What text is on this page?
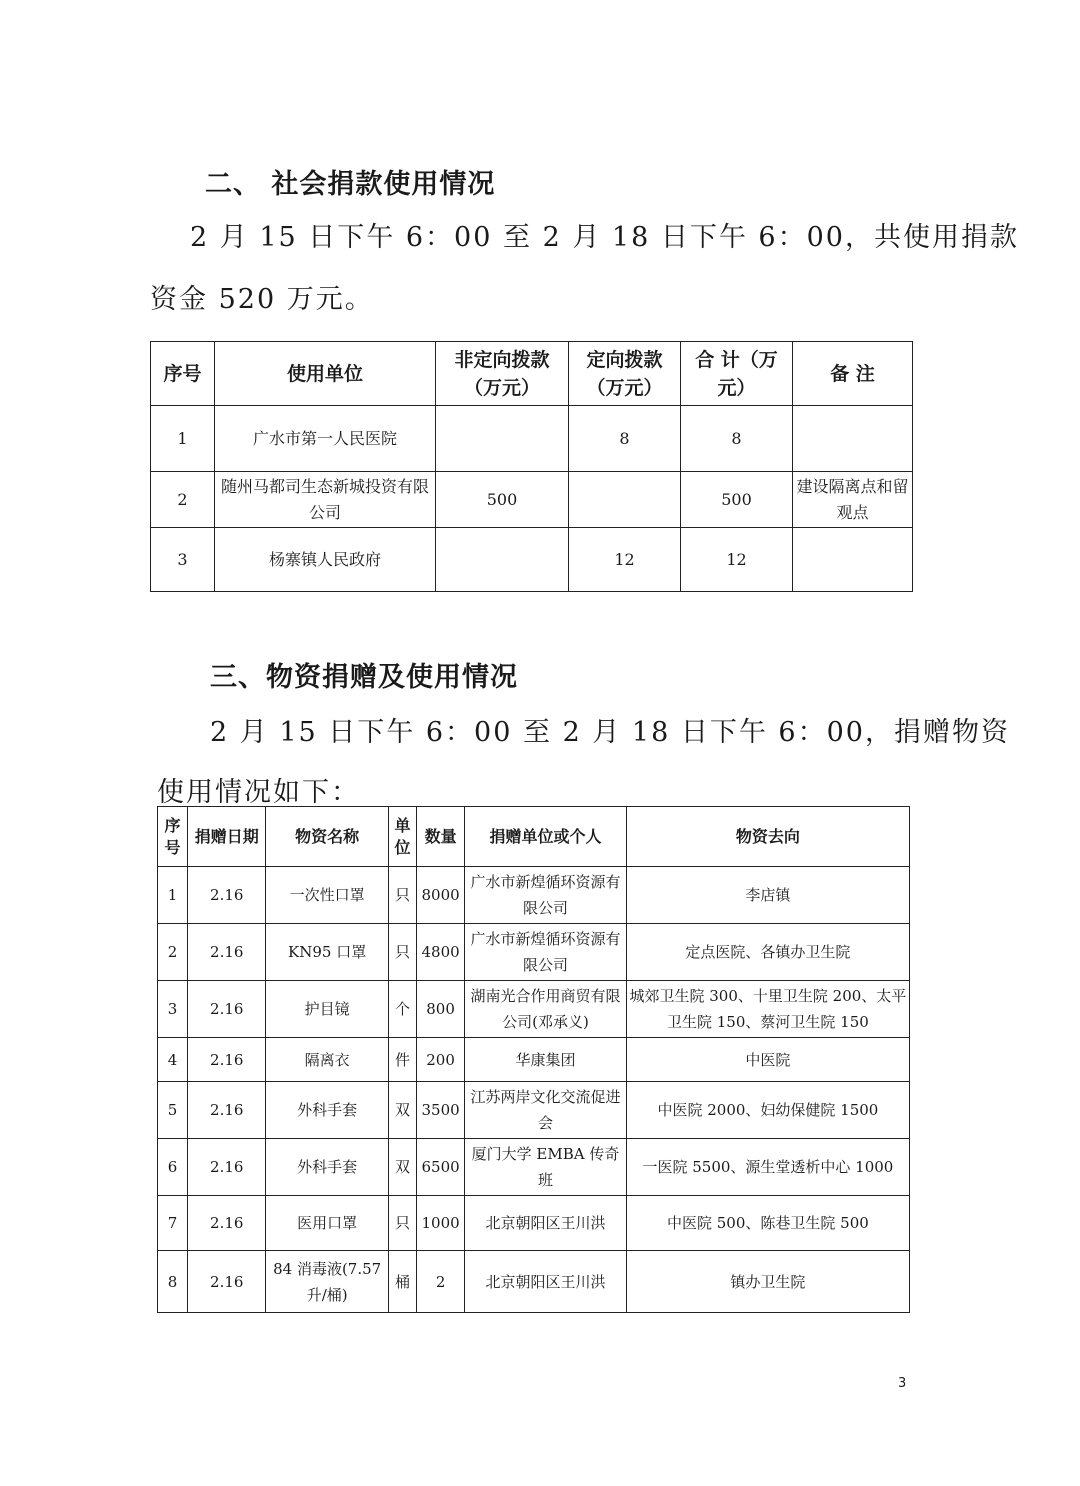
二、 社会捐款使用情况

2 月 15 日下午 6：00 至 2 月 18 日下午 6：00，共使用捐款

资金 520 万元。

序号	使用单位	非定向拨款（万元）	定向拨款（万元）	合 计（万元）	备 注
1	广水市第一人民医院		8	8	
2	随州马都司生态新城投资有限公司	500		500	建设隔离点和留观点
3	杨寨镇人民政府		12	12	
三、物资捐赠及使用情况

2 月 15 日下午 6：00 至 2 月 18 日下午 6：00，捐赠物资

使用情况如下：

序号	捐赠日期	物资名称	单位	数量	捐赠单位或个人	物资去向
1	2.16	一次性口罩	只	8000	广水市新煌循环资源有限公司	李店镇
2	2.16	KN95 口罩	只	4800	广水市新煌循环资源有限公司	定点医院、各镇办卫生院
3	2.16	护目镜	个	800	湖南光合作用商贸有限公司(邓承义)	城郊卫生院 300、十里卫生院 200、太平卫生院 150、蔡河卫生院 150
4	2.16	隔离衣	件	200	华康集团	中医院
5	2.16	外科手套	双	3500	江苏两岸文化交流促进会	中医院 2000、妇幼保健院 1500
6	2.16	外科手套	双	6500	厦门大学 EMBA 传奇班	一医院 5500、源生堂透析中心 1000
7	2.16	医用口罩	只	1000	北京朝阳区王川洪	中医院 500、陈巷卫生院 500
8	2.16	84 消毒液(7.57 升/桶)	桶	2	北京朝阳区王川洪	镇办卫生院
3
